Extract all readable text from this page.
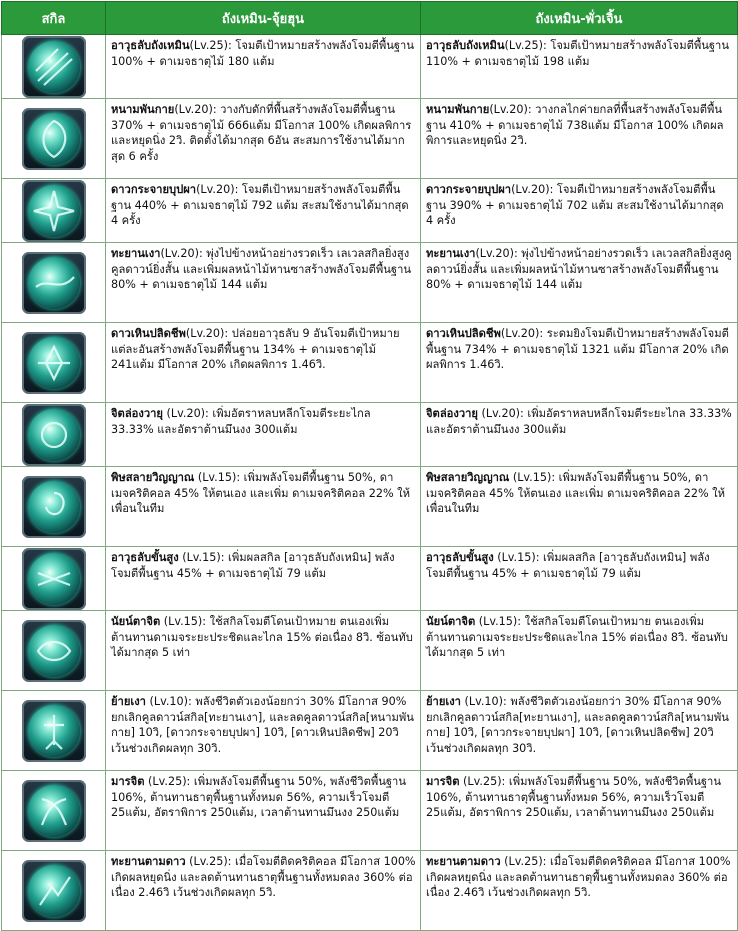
สกิล	ถังเหมิน-จุ้ยฮุน	ถังเหมิน-พั่วเจิ้น

	อาวุธลับถังเหมิน(Lv.25): โจมตีเป้าหมายสร้างพลังโจมตีพื้นฐาน 100% + ดาเมจธาตุไม้ 180 แต้ม	อาวุธลับถังเหมิน(Lv.25): โจมตีเป้าหมายสร้างพลังโจมตีพื้นฐาน 110% + ดาเมจธาตุไม้ 198 แต้ม

	หนามพันกาย(Lv.20): วางกับดักที่พื้นสร้างพลังโจมตีพื้นฐาน 370% + ดาเมจธาตุไม้ 666แต้ม มีโอกาส 100% เกิดผลพิการและหยุดนิ่ง 2วิ. ติดตั้งได้มากสุด 6อัน สะสมการใช้งานได้มากสุด 6 ครั้ง	หนามพันกาย(Lv.20): วางกลไกค่ายกลที่พื้นสร้างพลังโจมตีพื้นฐาน 410% + ดาเมจธาตุไม้ 738แต้ม มีโอกาส 100% เกิดผลพิการและหยุดนิ่ง 2วิ.

	ดาวกระจายบุปผา(Lv.20): โจมตีเป้าหมายสร้างพลังโจมตีพื้นฐาน 440% + ดาเมจธาตุไม้ 792 แต้ม สะสมใช้งานได้มากสุด 4 ครั้ง	ดาวกระจายบุปผา(Lv.20): โจมตีเป้าหมายสร้างพลังโจมตีพื้นฐาน 390% + ดาเมจธาตุไม้ 702 แต้ม สะสมใช้งานได้มากสุด 4 ครั้ง

	ทะยานเงา(Lv.20): พุ่งไปข้างหน้าอย่างรวดเร็ว เลเวลสกิลยิ่งสูงคูลดาวน์ยิ่งสั้น และเพิ่มผลหน้าไม้หานซาสร้างพลังโจมตีพื้นฐาน 80% + ดาเมจธาตุไม้ 144 แต้ม	ทะยานเงา(Lv.20): พุ่งไปข้างหน้าอย่างรวดเร็ว เลเวลสกิลยิ่งสูงคูลดาวน์ยิ่งสั้น และเพิ่มผลหน้าไม้หานซาสร้างพลังโจมตีพื้นฐาน 80% + ดาเมจธาตุไม้ 144 แต้ม

	ดาวเหินปลิดชีพ(Lv.20): ปล่อยอาวุธลับ 9 อันโจมตีเป้าหมาย แต่ละอันสร้างพลังโจมตีพื้นฐาน 134% + ดาเมจธาตุไม้ 241แต้ม มีโอกาส 20% เกิดผลพิการ 1.46วิ.	ดาวเหินปลิดชีพ(Lv.20): ระดมยิงโจมตีเป้าหมายสร้างพลังโจมตีพื้นฐาน 734% + ดาเมจธาตุไม้ 1321 แต้ม มีโอกาส 20% เกิดผลพิการ 1.46วิ.

	จิตล่องวายุ (Lv.20): เพิ่มอัตราหลบหลีกโจมตีระยะไกล 33.33% และอัตราต้านมึนงง 300แต้ม	จิตล่องวายุ (Lv.20): เพิ่มอัตราหลบหลีกโจมตีระยะไกล 33.33% และอัตราต้านมึนงง 300แต้ม

	พิษสลายวิญญาณ (Lv.15): เพิ่มพลังโจมตีพื้นฐาน 50%, ดาเมจคริติคอล 45% ให้ตนเอง และเพิ่ม ดาเมจคริติคอล 22% ให้เพื่อนในทีม	พิษสลายวิญญาณ (Lv.15): เพิ่มพลังโจมตีพื้นฐาน 50%, ดาเมจคริติคอล 45% ให้ตนเอง และเพิ่ม ดาเมจคริติคอล 22% ให้เพื่อนในทีม

	อาวุธลับขั้นสูง (Lv.15): เพิ่มผลสกิล [อาวุธลับถังเหมิน] พลังโจมตีพื้นฐาน 45% + ดาเมจธาตุไม้ 79 แต้ม	อาวุธลับขั้นสูง (Lv.15): เพิ่มผลสกิล [อาวุธลับถังเหมิน] พลังโจมตีพื้นฐาน 45% + ดาเมจธาตุไม้ 79 แต้ม

	นัยน์ตาจิต (Lv.15): ใช้สกิลโจมตีโดนเป้าหมาย ตนเองเพิ่มต้านทานดาเมจระยะประชิดและไกล 15% ต่อเนื่อง 8วิ. ซ้อนทับได้มากสุด 5 เท่า	นัยน์ตาจิต (Lv.15): ใช้สกิลโจมตีโดนเป้าหมาย ตนเองเพิ่มต้านทานดาเมจระยะประชิดและไกล 15% ต่อเนื่อง 8วิ. ซ้อนทับได้มากสุด 5 เท่า

	ย้ายเงา (Lv.10): พลังชีวิตตัวเองน้อยกว่า 30% มีโอกาส 90% ยกเลิกคูลดาวน์สกิล[ทะยานเงา], และลดคูลดาวน์สกิล[หนามพันกาย] 10วิ, [ดาวกระจายบุปผา] 10วิ, [ดาวเหินปลิดชีพ] 20วิ เว้นช่วงเกิดผลทุก 30วิ.	ย้ายเงา (Lv.10): พลังชีวิตตัวเองน้อยกว่า 30% มีโอกาส 90% ยกเลิกคูลดาวน์สกิล[ทะยานเงา], และลดคูลดาวน์สกิล[หนามพันกาย] 10วิ, [ดาวกระจายบุปผา] 10วิ, [ดาวเหินปลิดชีพ] 20วิ เว้นช่วงเกิดผลทุก 30วิ.

	มารจิต (Lv.25): เพิ่มพลังโจมตีพื้นฐาน 50%, พลังชีวิตพื้นฐาน 106%, ต้านทานธาตุพื้นฐานทั้งหมด 56%, ความเร็วโจมตี 25แต้ม, อัตราพิการ 250แต้ม, เวลาต้านทานมึนงง 250แต้ม	มารจิต (Lv.25): เพิ่มพลังโจมตีพื้นฐาน 50%, พลังชีวิตพื้นฐาน 106%, ต้านทานธาตุพื้นฐานทั้งหมด 56%, ความเร็วโจมตี 25แต้ม, อัตราพิการ 250แต้ม, เวลาต้านทานมึนงง 250แต้ม

	ทะยานตามดาว (Lv.25): เมื่อโจมตีติดคริติคอล มีโอกาส 100% เกิดผลหยุดนิ่ง และลดต้านทานธาตุพื้นฐานทั้งหมดลง 360% ต่อเนื่อง 2.46วิ เว้นช่วงเกิดผลทุก 5วิ.	ทะยานตามดาว (Lv.25): เมื่อโจมตีติดคริติคอล มีโอกาส 100% เกิดผลหยุดนิ่ง และลดต้านทานธาตุพื้นฐานทั้งหมดลง 360% ต่อเนื่อง 2.46วิ เว้นช่วงเกิดผลทุก 5วิ.
